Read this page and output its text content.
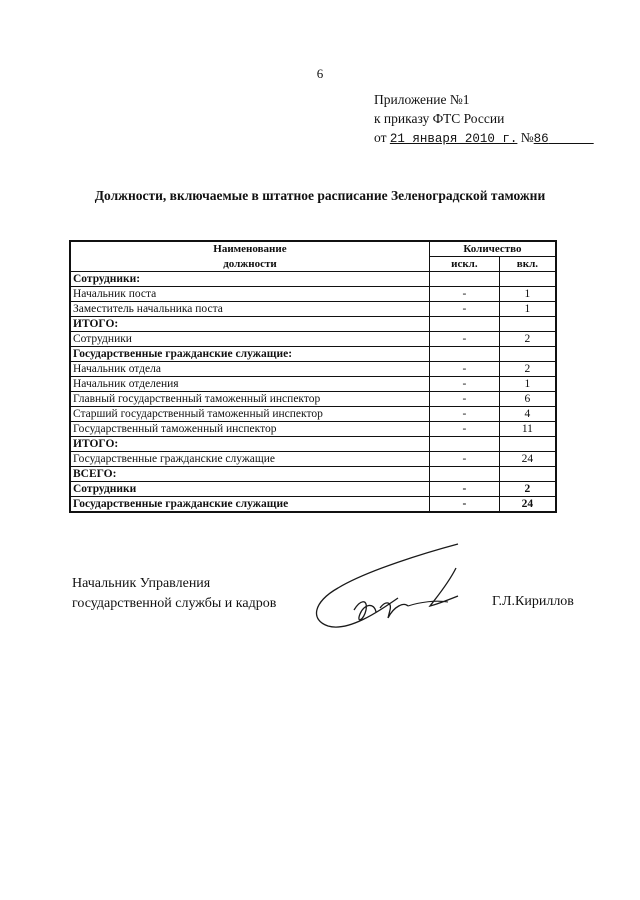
6
Приложение №1
к приказу ФТС России
от 21 января 2010 г. №86
Должности, включаемые в штатное расписание Зеленоградской таможни
Наименование	Количество	
должности	искл.	вкл.
Сотрудники:		
Начальник поста	-	1
Заместитель начальника поста	-	1
ИТОГО:		
Сотрудники	-	2
Государственные гражданские служащие:		
Начальник отдела	-	2
Начальник отделения	-	1
Главный государственный таможенный инспектор	-	6
Старший государственный таможенный инспектор	-	4
Государственный таможенный инспектор	-	11
ИТОГО:		
Государственные гражданские служащие	-	24
ВСЕГО:		
Сотрудники	-	2
Государственные гражданские служащие	-	24
Начальник Управления
государственной службы и кадров	Г.Л.Кириллов
